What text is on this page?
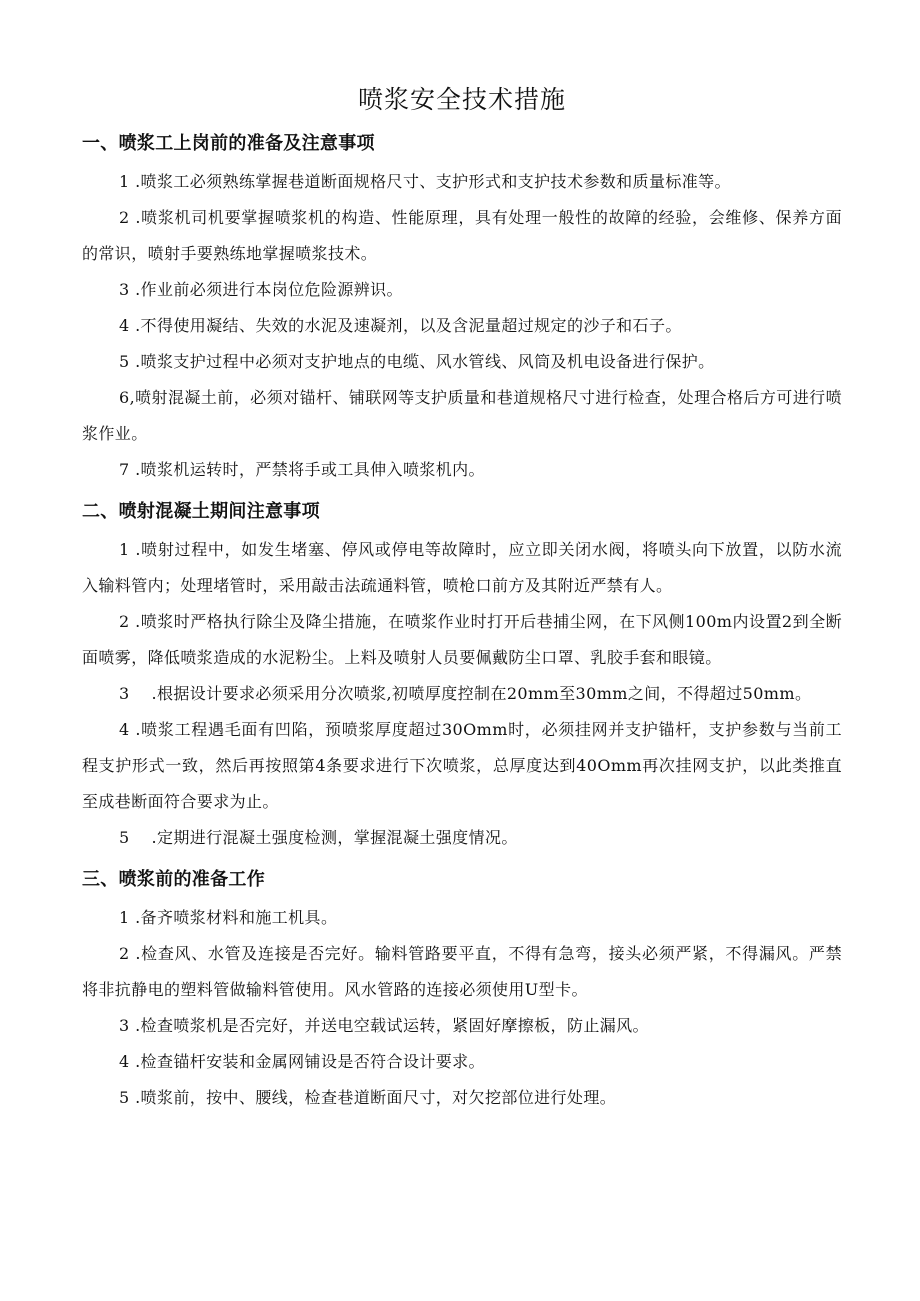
喷浆安全技术措施
一、喷浆工上岗前的准备及注意事项

1 .喷浆工必须熟练掌握巷道断面规格尺寸、支护形式和支护技术参数和质量标准等。

2 .喷浆机司机要掌握喷浆机的构造、性能原理，具有处理一般性的故障的经验，会维修、保养方面的常识，喷射手要熟练地掌握喷浆技术。

3 .作业前必须进行本岗位危险源辨识。

4 .不得使用凝结、失效的水泥及速凝剂，以及含泥量超过规定的沙子和石子。

5 .喷浆支护过程中必须对支护地点的电缆、风水管线、风筒及机电设备进行保护。

6,喷射混凝土前，必须对锚杆、铺联网等支护质量和巷道规格尺寸进行检查，处理合格后方可进行喷浆作业。

7 .喷浆机运转时，严禁将手或工具伸入喷浆机内。

二、喷射混凝土期间注意事项

1 .喷射过程中，如发生堵塞、停风或停电等故障时，应立即关闭水阀，将喷头向下放置，以防水流入输料管内；处理堵管时，采用敲击法疏通料管，喷枪口前方及其附近严禁有人。

2 .喷浆时严格执行除尘及降尘措施，在喷浆作业时打开后巷捕尘网，在下风侧100m内设置2到全断面喷雾，降低喷浆造成的水泥粉尘。上料及喷射人员要佩戴防尘口罩、乳胶手套和眼镜。

3　 .根据设计要求必须采用分次喷浆,初喷厚度控制在20mm至30mm之间，不得超过50mm。

4 .喷浆工程遇毛面有凹陷，预喷浆厚度超过30Omm时，必须挂网并支护锚杆，支护参数与当前工程支护形式一致，然后再按照第4条要求进行下次喷浆，总厚度达到40Omm再次挂网支护，以此类推直至成巷断面符合要求为止。

5　 .定期进行混凝土强度检测，掌握混凝土强度情况。

三、喷浆前的准备工作

1 .备齐喷浆材料和施工机具。

2 .检查风、水管及连接是否完好。输料管路要平直，不得有急弯，接头必须严紧，不得漏风。严禁将非抗静电的塑料管做输料管使用。风水管路的连接必须使用U型卡。

3 .检查喷浆机是否完好，并送电空载试运转，紧固好摩擦板，防止漏风。

4 .检查锚杆安装和金属网铺设是否符合设计要求。

5 .喷浆前，按中、腰线，检查巷道断面尺寸，对欠挖部位进行处理。
